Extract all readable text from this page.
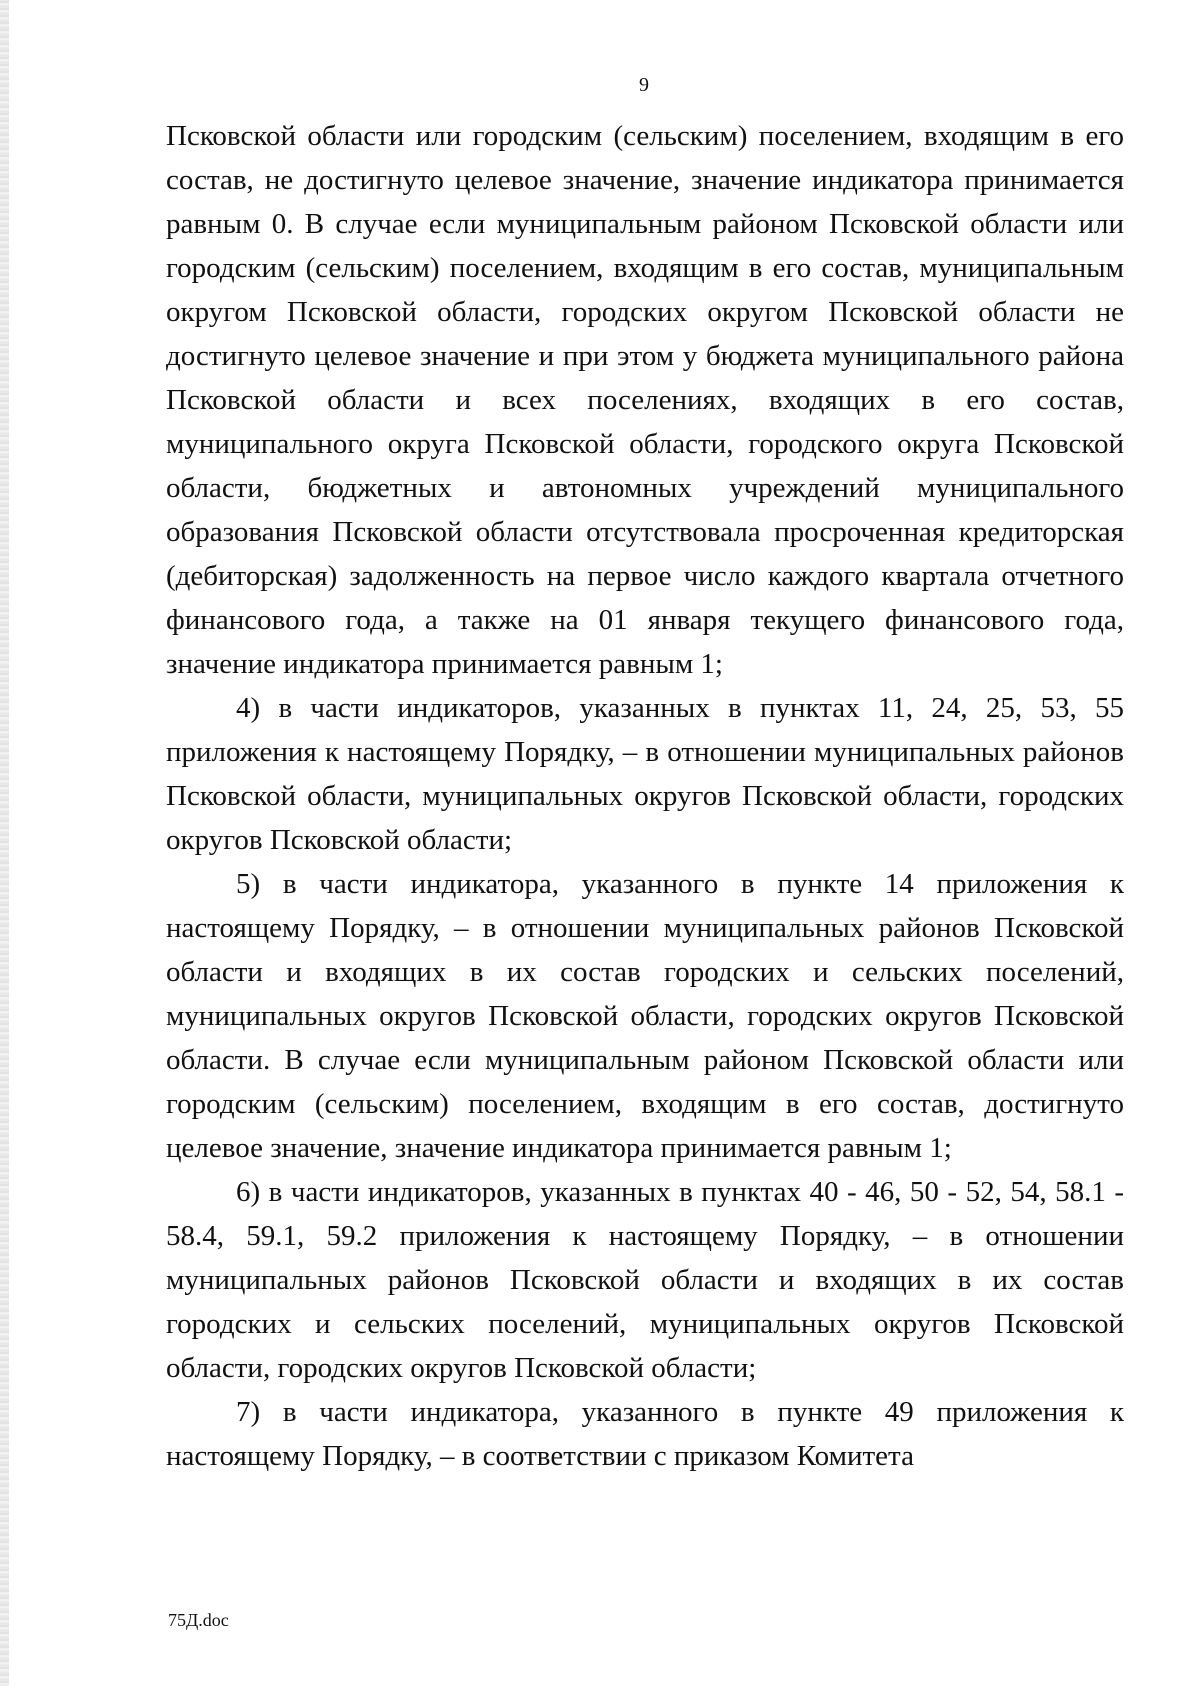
9

Псковской области или городским (сельским) поселением, входящим в его состав, не достигнуто целевое значение, значение индикатора принимается равным 0. В случае если муниципальным районом Псковской области или городским (сельским) поселением, входящим в его состав, муниципальным округом Псковской области, городских округом Псковской области не достигнуто целевое значение и при этом у бюджета муниципального района Псковской области и всех поселениях, входящих в его состав, муниципального округа Псковской области, городского округа Псковской области, бюджетных и автономных учреждений муниципального образования Псковской области отсутствовала просроченная кредиторская (дебиторская) задолженность на первое число каждого квартала отчетного финансового года, а также на 01 января текущего финансового года, значение индикатора принимается равным 1;

4) в части индикаторов, указанных в пунктах 11, 24, 25, 53, 55 приложения к настоящему Порядку, – в отношении муниципальных районов Псковской области, муниципальных округов Псковской области, городских округов Псковской области;

5) в части индикатора, указанного в пункте 14 приложения к настоящему Порядку, – в отношении муниципальных районов Псковской области и входящих в их состав городских и сельских поселений, муниципальных округов Псковской области, городских округов Псковской области. В случае если муниципальным районом Псковской области или городским (сельским) поселением, входящим в его состав, достигнуто целевое значение, значение индикатора принимается равным 1;

6) в части индикаторов, указанных в пунктах 40 - 46, 50 - 52, 54, 58.1 - 58.4, 59.1, 59.2 приложения к настоящему Порядку, – в отношении муниципальных районов Псковской области и входящих в их состав городских и сельских поселений, муниципальных округов Псковской области, городских округов Псковской области;

7) в части индикатора, указанного в пункте 49 приложения к настоящему Порядку, – в соответствии с приказом Комитета

75Д.doc
